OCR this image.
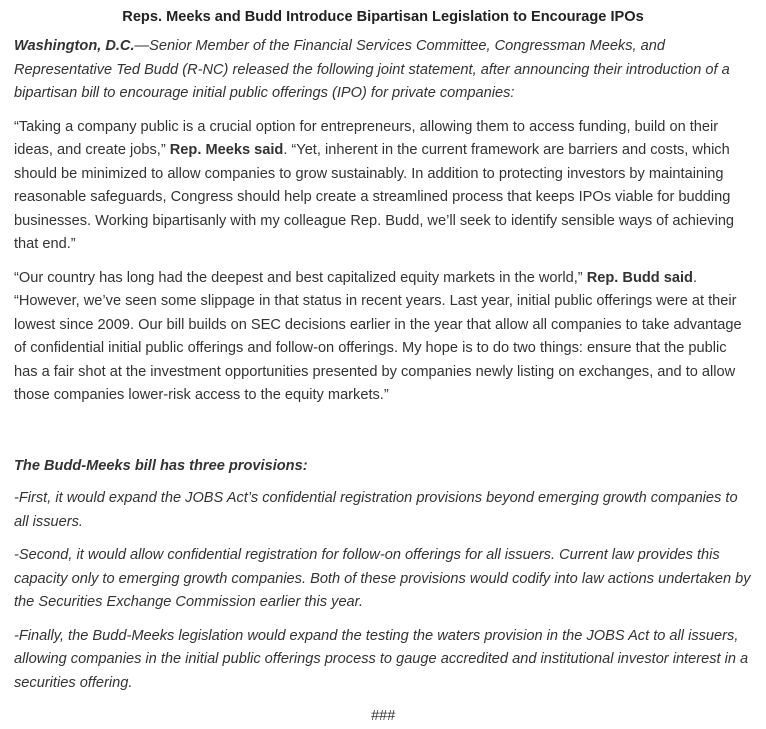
Reps. Meeks and Budd Introduce Bipartisan Legislation to Encourage IPOs

Washington, D.C.—Senior Member of the Financial Services Committee, Congressman Meeks, and Representative Ted Budd (R-NC) released the following joint statement, after announcing their introduction of a bipartisan bill to encourage initial public offerings (IPO) for private companies:

“Taking a company public is a crucial option for entrepreneurs, allowing them to access funding, build on their ideas, and create jobs,” Rep. Meeks said. “Yet, inherent in the current framework are barriers and costs, which should be minimized to allow companies to grow sustainably. In addition to protecting investors by maintaining reasonable safeguards, Congress should help create a streamlined process that keeps IPOs viable for budding businesses. Working bipartisanly with my colleague Rep. Budd, we’ll seek to identify sensible ways of achieving that end.”

“Our country has long had the deepest and best capitalized equity markets in the world,” Rep. Budd said. “However, we’ve seen some slippage in that status in recent years. Last year, initial public offerings were at their lowest since 2009. Our bill builds on SEC decisions earlier in the year that allow all companies to take advantage of confidential initial public offerings and follow-on offerings. My hope is to do two things: ensure that the public has a fair shot at the investment opportunities presented by companies newly listing on exchanges, and to allow those companies lower-risk access to the equity markets.”

The Budd-Meeks bill has three provisions:

-First, it would expand the JOBS Act’s confidential registration provisions beyond emerging growth companies to all issuers.

-Second, it would allow confidential registration for follow-on offerings for all issuers. Current law provides this capacity only to emerging growth companies. Both of these provisions would codify into law actions undertaken by the Securities Exchange Commission earlier this year.

-Finally, the Budd-Meeks legislation would expand the testing the waters provision in the JOBS Act to all issuers, allowing companies in the initial public offerings process to gauge accredited and institutional investor interest in a securities offering.

###
